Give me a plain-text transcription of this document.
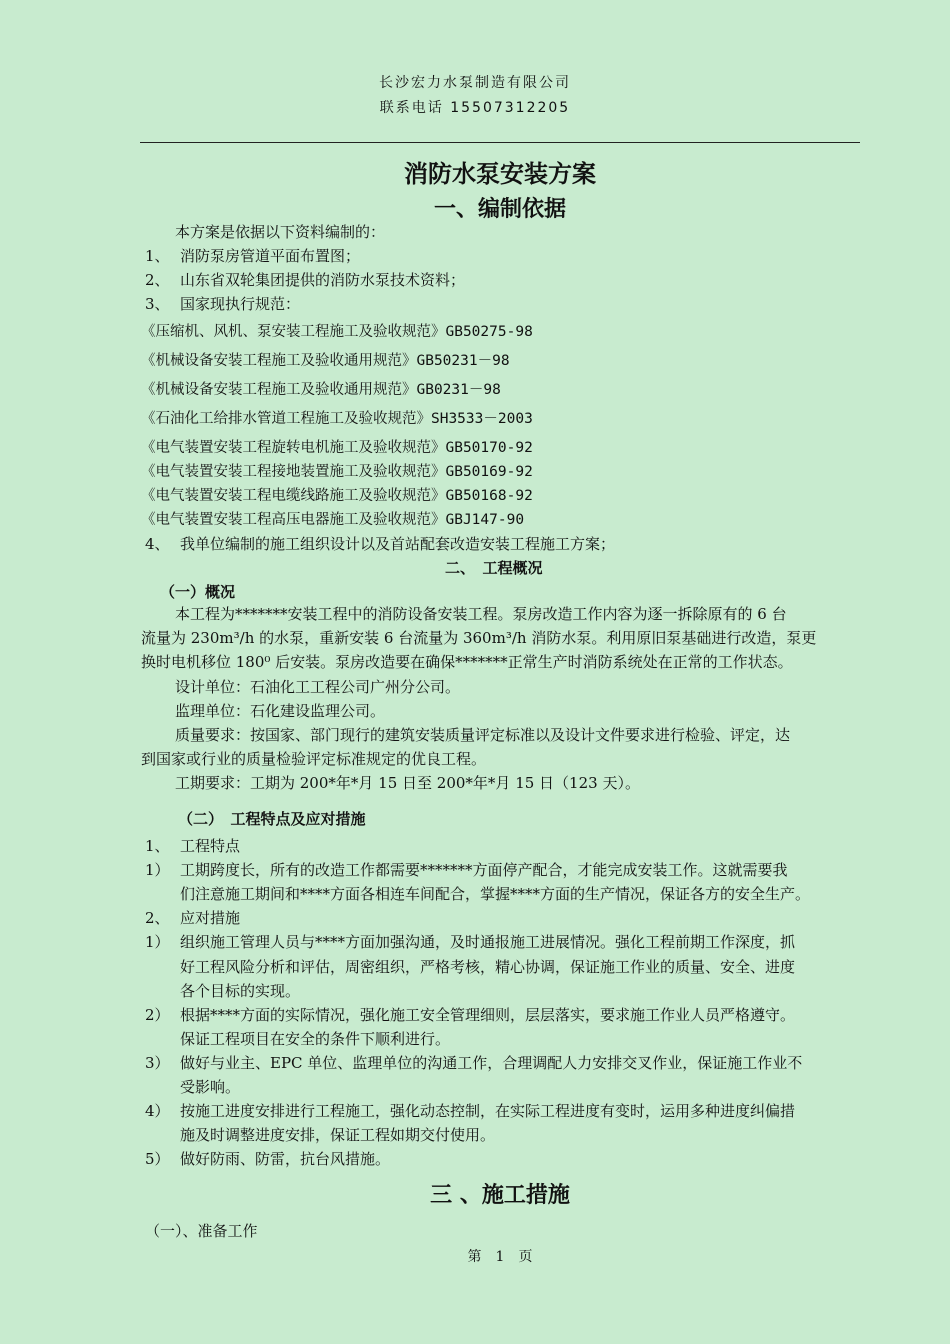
长沙宏力水泵制造有限公司
联系电话 15507312205
消防水泵安装方案
一、编制依据
本方案是依据以下资料编制的：
1、 消防泵房管道平面布置图；
2、 山东省双轮集团提供的消防水泵技术资料；
3、 国家现执行规范：
《压缩机、风机、泵安装工程施工及验收规范》GB50275-98
《机械设备安装工程施工及验收通用规范》GB50231－98
《机械设备安装工程施工及验收通用规范》GB0231－98
《石油化工给排水管道工程施工及验收规范》SH3533－2003
《电气装置安装工程旋转电机施工及验收规范》GB50170-92
《电气装置安装工程接地装置施工及验收规范》GB50169-92
《电气装置安装工程电缆线路施工及验收规范》GB50168-92
《电气装置安装工程高压电器施工及验收规范》GBJ147-90
4、 我单位编制的施工组织设计以及首站配套改造安装工程施工方案；
二、　工程概况
（一）概况
本工程为*******安装工程中的消防设备安装工程。泵房改造工作内容为逐一拆除原有的 6 台
流量为 230m³/h 的水泵，重新安装 6 台流量为 360m³/h 消防水泵。利用原旧泵基础进行改造，泵更
换时电机移位 180⁰ 后安装。泵房改造要在确保*******正常生产时消防系统处在正常的工作状态。
设计单位：石油化工工程公司广州分公司。
监理单位：石化建设监理公司。
质量要求：按国家、部门现行的建筑安装质量评定标准以及设计文件要求进行检验、评定，达
到国家或行业的质量检验评定标准规定的优良工程。
工期要求：工期为 200*年*月 15 日至 200*年*月 15 日（123 天）。
（二）　工程特点及应对措施
1、 工程特点
1） 工期跨度长，所有的改造工作都需要*******方面停产配合，才能完成安装工作。这就需要我
们注意施工期间和****方面各相连车间配合，掌握****方面的生产情况，保证各方的安全生产。
2、 应对措施
1） 组织施工管理人员与****方面加强沟通，及时通报施工进展情况。强化工程前期工作深度，抓
好工程风险分析和评估，周密组织，严格考核，精心协调，保证施工作业的质量、安全、进度
各个目标的实现。
2） 根据****方面的实际情况，强化施工安全管理细则，层层落实，要求施工作业人员严格遵守。
保证工程项目在安全的条件下顺利进行。
3） 做好与业主、EPC 单位、监理单位的沟通工作，合理调配人力安排交叉作业，保证施工作业不
受影响。
4） 按施工进度安排进行工程施工，强化动态控制，在实际工程进度有变时，运用多种进度纠偏措
施及时调整进度安排，保证工程如期交付使用。
5） 做好防雨、防雷，抗台风措施。
三 、施工措施
（一）、准备工作
第　1　页
